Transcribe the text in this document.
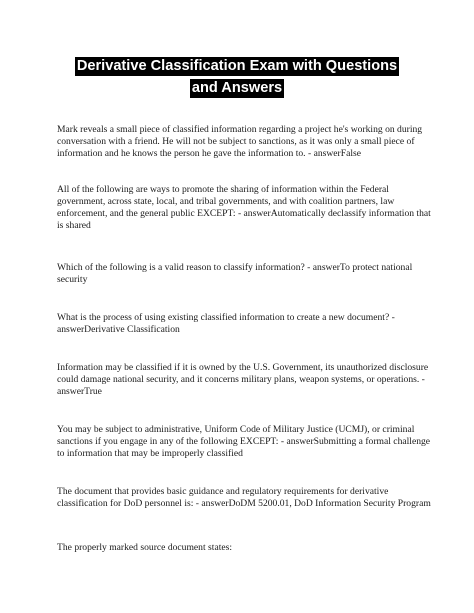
Derivative Classification Exam with Questions and Answers

Mark reveals a small piece of classified information regarding a project he's working on during conversation with a friend. He will not be subject to sanctions, as it was only a small piece of information and he knows the person he gave the information to. - answerFalse

All of the following are ways to promote the sharing of information within the Federal government, across state, local, and tribal governments, and with coalition partners, law enforcement, and the general public EXCEPT: - answerAutomatically declassify information that is shared

Which of the following is a valid reason to classify information? - answerTo protect national security

What is the process of using existing classified information to create a new document? - answerDerivative Classification

Information may be classified if it is owned by the U.S. Government, its unauthorized disclosure could damage national security, and it concerns military plans, weapon systems, or operations. - answerTrue

You may be subject to administrative, Uniform Code of Military Justice (UCMJ), or criminal sanctions if you engage in any of the following EXCEPT: - answerSubmitting a formal challenge to information that may be improperly classified

The document that provides basic guidance and regulatory requirements for derivative classification for DoD personnel is: - answerDoDM 5200.01, DoD Information Security Program

The properly marked source document states:
